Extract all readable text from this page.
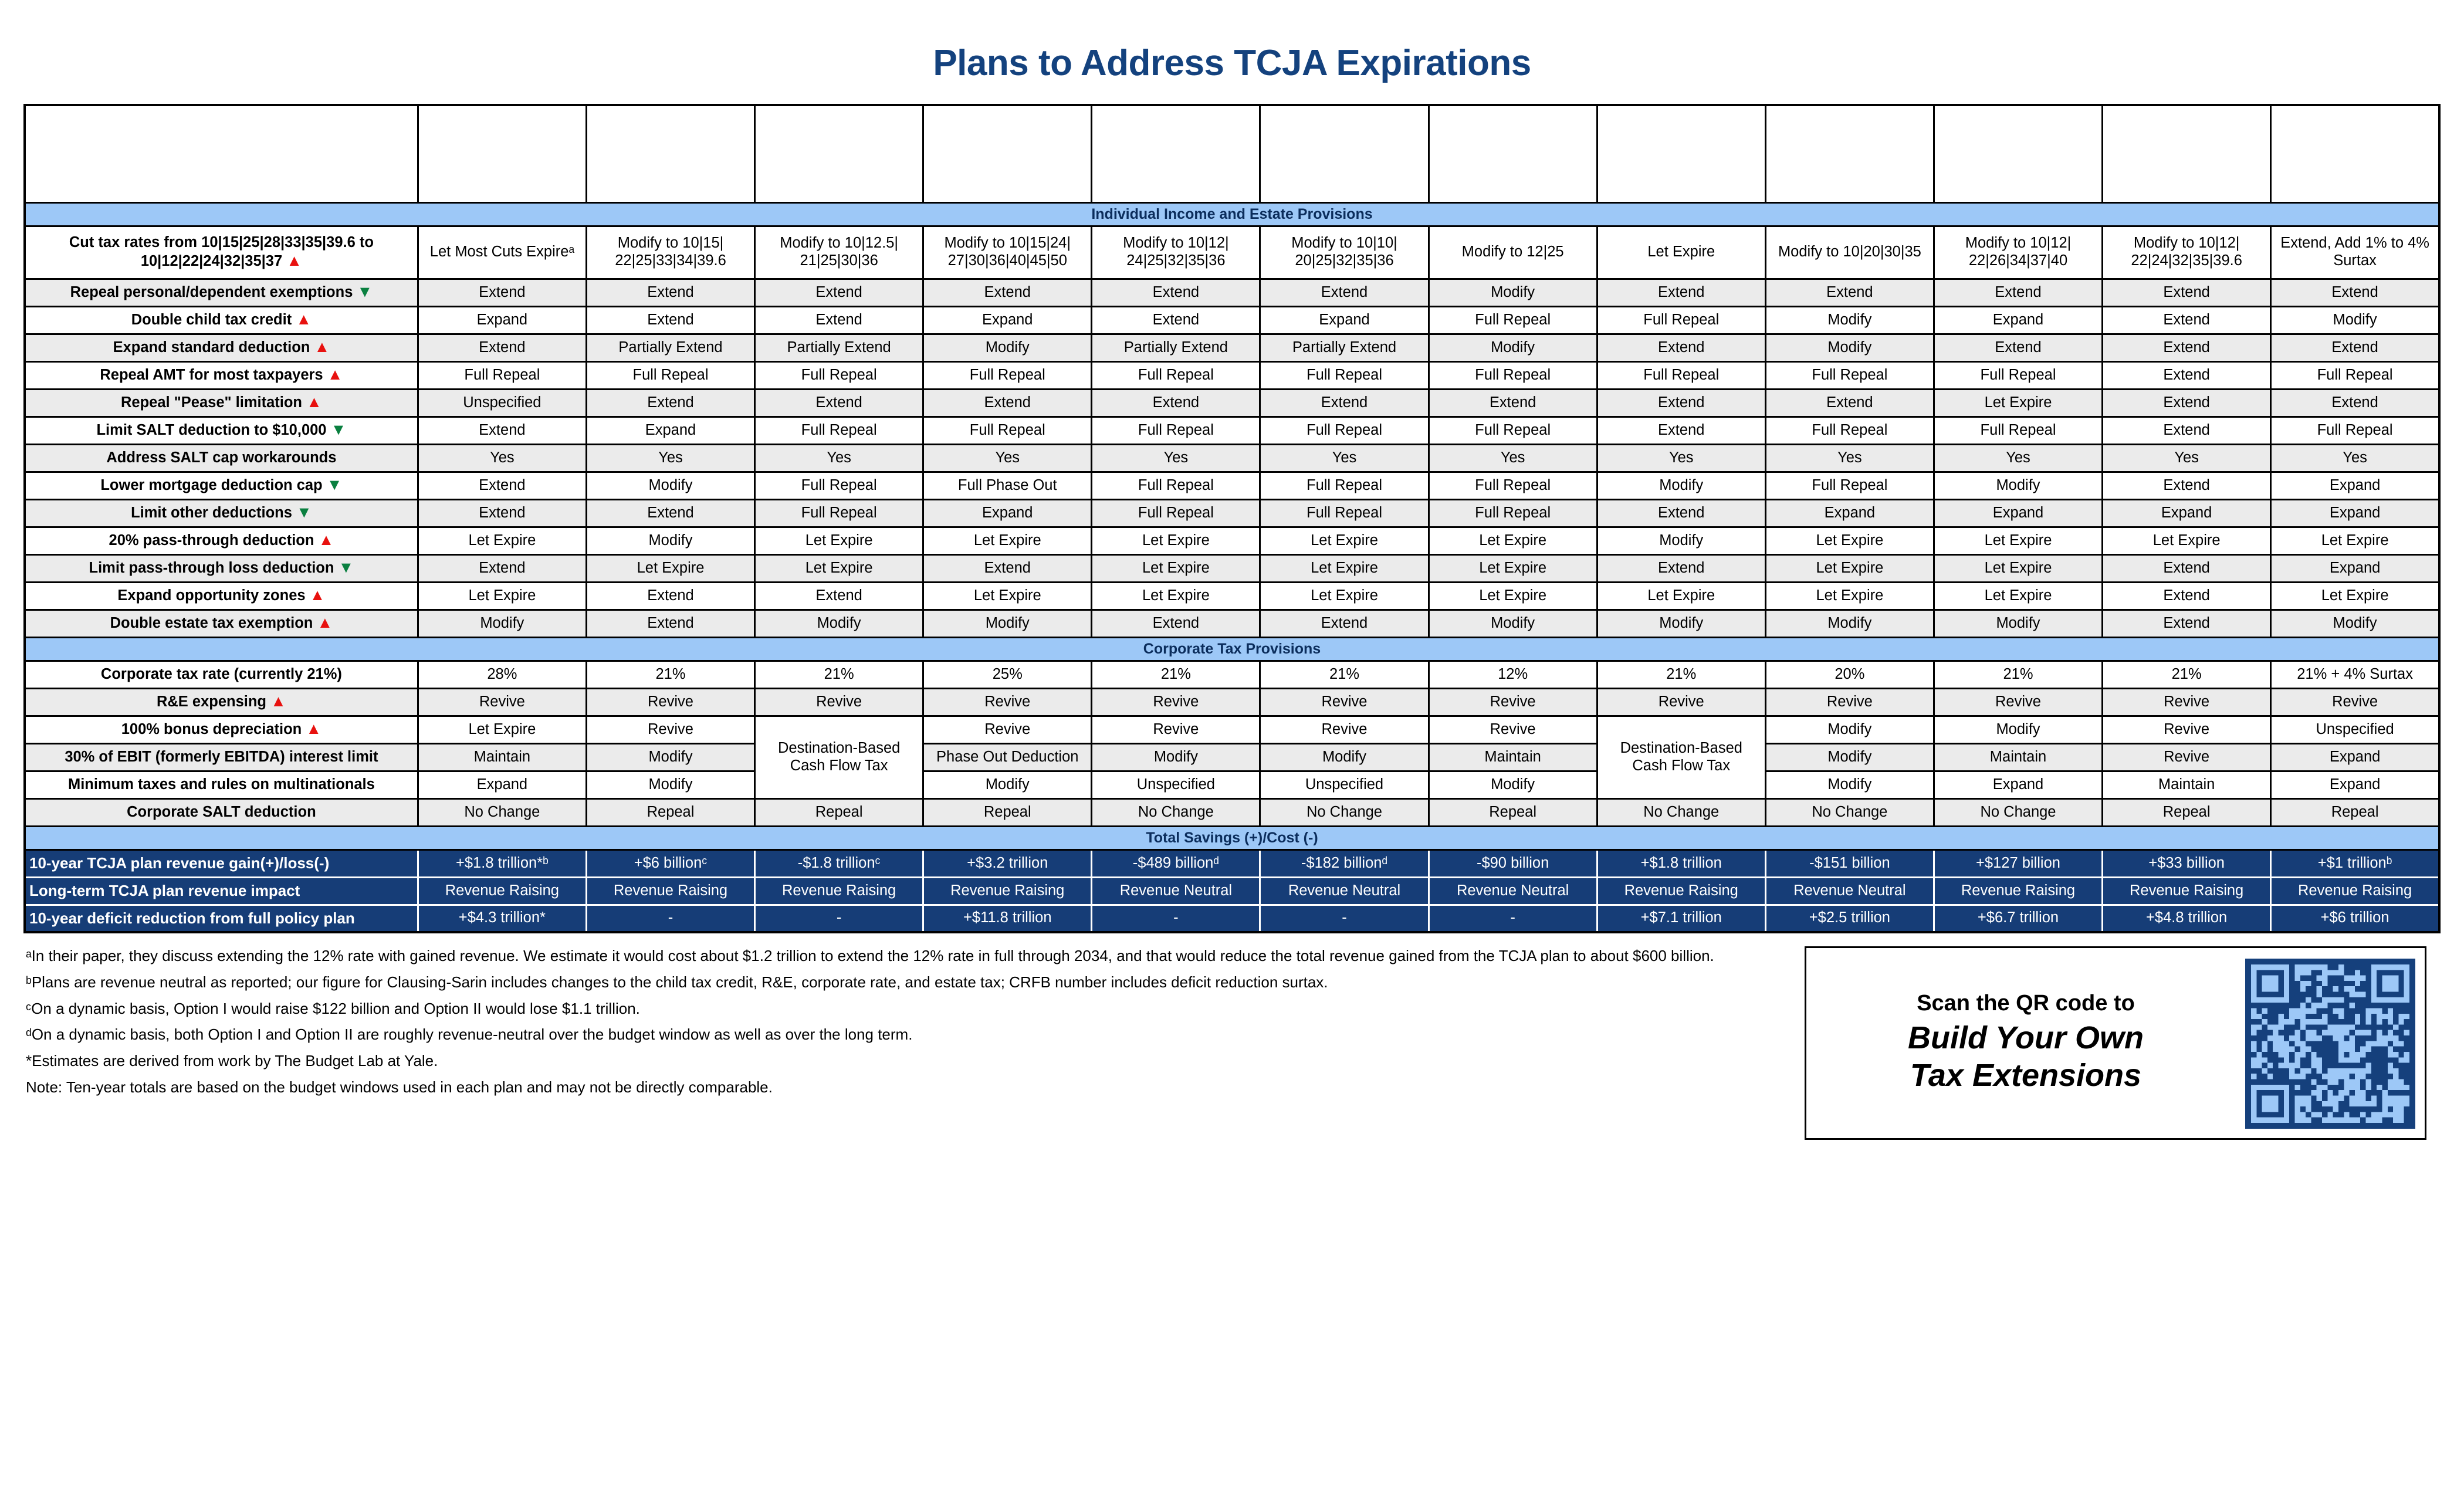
Plans to Address TCJA Expirations
Policies	Clausing-Sarin	Pomerleau-Schneider I	Pomerleau-Schneider II	Progressive Policy Institute	Tax Foundation I	Tax Foundation II	Cato	American Action Forum	American Enterprise Institute	Bipartisan Policy Center	Manhattan Institute	CRFB Budget Blueprint
Individual Income and Estate Provisions												
Cut tax rates from 10|15|25|28|33|35|39.6 to 10|12|22|24|32|35|37 ▲	Let Most Cuts Expireᵃ	Modify to 10|15| 22|25|33|34|39.6	Modify to 10|12.5| 21|25|30|36	Modify to 10|15|24| 27|30|36|40|45|50	Modify to 10|12| 24|25|32|35|36	Modify to 10|10| 20|25|32|35|36	Modify to 12|25	Let Expire	Modify to 10|20|30|35	Modify to 10|12| 22|26|34|37|40	Modify to 10|12| 22|24|32|35|39.6	Extend, Add 1% to 4% Surtax
Repeal personal/dependent exemptions ▼	Extend	Extend	Extend	Extend	Extend	Extend	Modify	Extend	Extend	Extend	Extend	Extend
Double child tax credit ▲	Expand	Extend	Extend	Expand	Extend	Expand	Full Repeal	Full Repeal	Modify	Expand	Extend	Modify
Expand standard deduction ▲	Extend	Partially Extend	Partially Extend	Modify	Partially Extend	Partially Extend	Modify	Extend	Modify	Extend	Extend	Extend
Repeal AMT for most taxpayers ▲	Full Repeal	Full Repeal	Full Repeal	Full Repeal	Full Repeal	Full Repeal	Full Repeal	Full Repeal	Full Repeal	Full Repeal	Extend	Full Repeal
Repeal "Pease" limitation ▲	Unspecified	Extend	Extend	Extend	Extend	Extend	Extend	Extend	Extend	Let Expire	Extend	Extend
Limit SALT deduction to $10,000 ▼	Extend	Expand	Full Repeal	Full Repeal	Full Repeal	Full Repeal	Full Repeal	Extend	Full Repeal	Full Repeal	Extend	Full Repeal
Address SALT cap workarounds	Yes	Yes	Yes	Yes	Yes	Yes	Yes	Yes	Yes	Yes	Yes	Yes
Lower mortgage deduction cap ▼	Extend	Modify	Full Repeal	Full Phase Out	Full Repeal	Full Repeal	Full Repeal	Modify	Full Repeal	Modify	Extend	Expand
Limit other deductions ▼	Extend	Extend	Full Repeal	Expand	Full Repeal	Full Repeal	Full Repeal	Extend	Expand	Expand	Expand	Expand
20% pass-through deduction ▲	Let Expire	Modify	Let Expire	Let Expire	Let Expire	Let Expire	Let Expire	Modify	Let Expire	Let Expire	Let Expire	Let Expire
Limit pass-through loss deduction ▼	Extend	Let Expire	Let Expire	Extend	Let Expire	Let Expire	Let Expire	Extend	Let Expire	Let Expire	Extend	Expand
Expand opportunity zones ▲	Let Expire	Extend	Extend	Let Expire	Let Expire	Let Expire	Let Expire	Let Expire	Let Expire	Let Expire	Extend	Let Expire
Double estate tax exemption ▲	Modify	Extend	Modify	Modify	Extend	Extend	Modify	Modify	Modify	Modify	Extend	Modify
Corporate Tax Provisions												
Corporate tax rate (currently 21%)	28%	21%	21%	25%	21%	21%	12%	21%	20%	21%	21%	21% + 4% Surtax
R&E expensing ▲	Revive	Revive	Revive	Revive	Revive	Revive	Revive	Revive	Revive	Revive	Revive	Revive
100% bonus depreciation ▲	Let Expire	Revive	Destination-Based Cash Flow Tax	Revive	Revive	Revive	Revive	Destination-Based Cash Flow Tax	Modify	Modify	Revive	Unspecified
30% of EBIT (formerly EBITDA) interest limit	Maintain	Modify		Phase Out Deduction	Modify	Modify	Maintain		Modify	Maintain	Revive	Expand
Minimum taxes and rules on multinationals	Expand	Modify		Modify	Unspecified	Unspecified	Modify		Modify	Expand	Maintain	Expand
Corporate SALT deduction	No Change	Repeal	Repeal	Repeal	No Change	No Change	Repeal	No Change	No Change	No Change	Repeal	Repeal
Total Savings (+)/Cost (-)												
10-year TCJA plan revenue gain(+)/loss(-)	+$1.8 trillion*ᵇ	+$6 billionᶜ	-$1.8 trillionᶜ	+$3.2 trillion	-$489 billionᵈ	-$182 billionᵈ	-$90 billion	+$1.8 trillion	-$151 billion	+$127 billion	+$33 billion	+$1 trillionᵇ
Long-term TCJA plan revenue impact	Revenue Raising	Revenue Raising	Revenue Raising	Revenue Raising	Revenue Neutral	Revenue Neutral	Revenue Neutral	Revenue Raising	Revenue Neutral	Revenue Raising	Revenue Raising	Revenue Raising
10-year deficit reduction from full policy plan	+$4.3 trillion*	-	-	+$11.8 trillion	-	-	-	+$7.1 trillion	+$2.5 trillion	+$6.7 trillion	+$4.8 trillion	+$6 trillion

ᵃIn their paper, they discuss extending the 12% rate with gained revenue. We estimate it would cost about $1.2 trillion to extend the 12% rate in full through 2034, and that would reduce the total revenue gained from the TCJA plan to about $600 billion.

ᵇPlans are revenue neutral as reported; our figure for Clausing-Sarin includes changes to the child tax credit, R&E, corporate rate, and estate tax; CRFB number includes deficit reduction surtax.

ᶜOn a dynamic basis, Option I would raise $122 billion and Option II would lose $1.1 trillion.

ᵈOn a dynamic basis, both Option I and Option II are roughly revenue-neutral over the budget window as well as over the long term.

*Estimates are derived from work by The Budget Lab at Yale.

Note: Ten-year totals are based on the budget windows used in each plan and may not be directly comparable.

Scan the QR code to
Build Your Own
Tax Extensions
